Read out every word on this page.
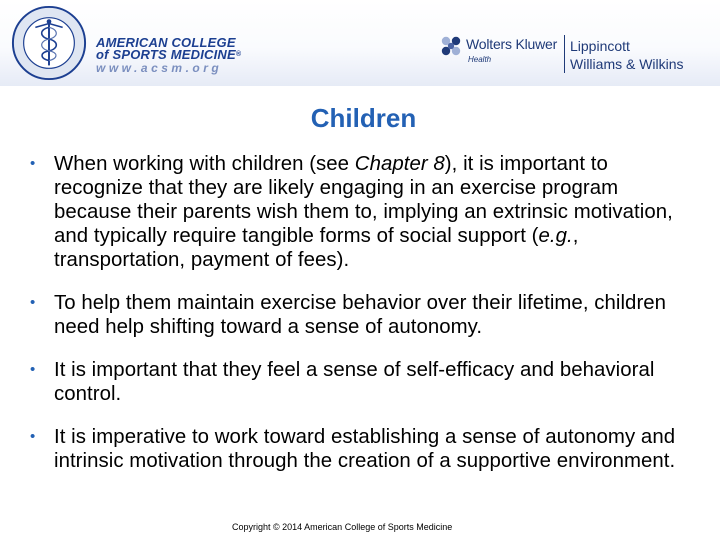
AMERICAN COLLEGE
of SPORTS MEDICINE®
www.acsm.org
Wolters Kluwer
Health
Lippincott
Williams & Wilkins
Children
• When working with children (see Chapter 8), it is important to recognize that they are likely engaging in an exercise program because their parents wish them to, implying an extrinsic motivation, and typically require tangible forms of social support (e.g., transportation, payment of fees).
• To help them maintain exercise behavior over their lifetime, children need help shifting toward a sense of autonomy.
• It is important that they feel a sense of self-efficacy and behavioral control.
• It is imperative to work toward establishing a sense of autonomy and intrinsic motivation through the creation of a supportive environment.
Copyright © 2014 American College of Sports Medicine
